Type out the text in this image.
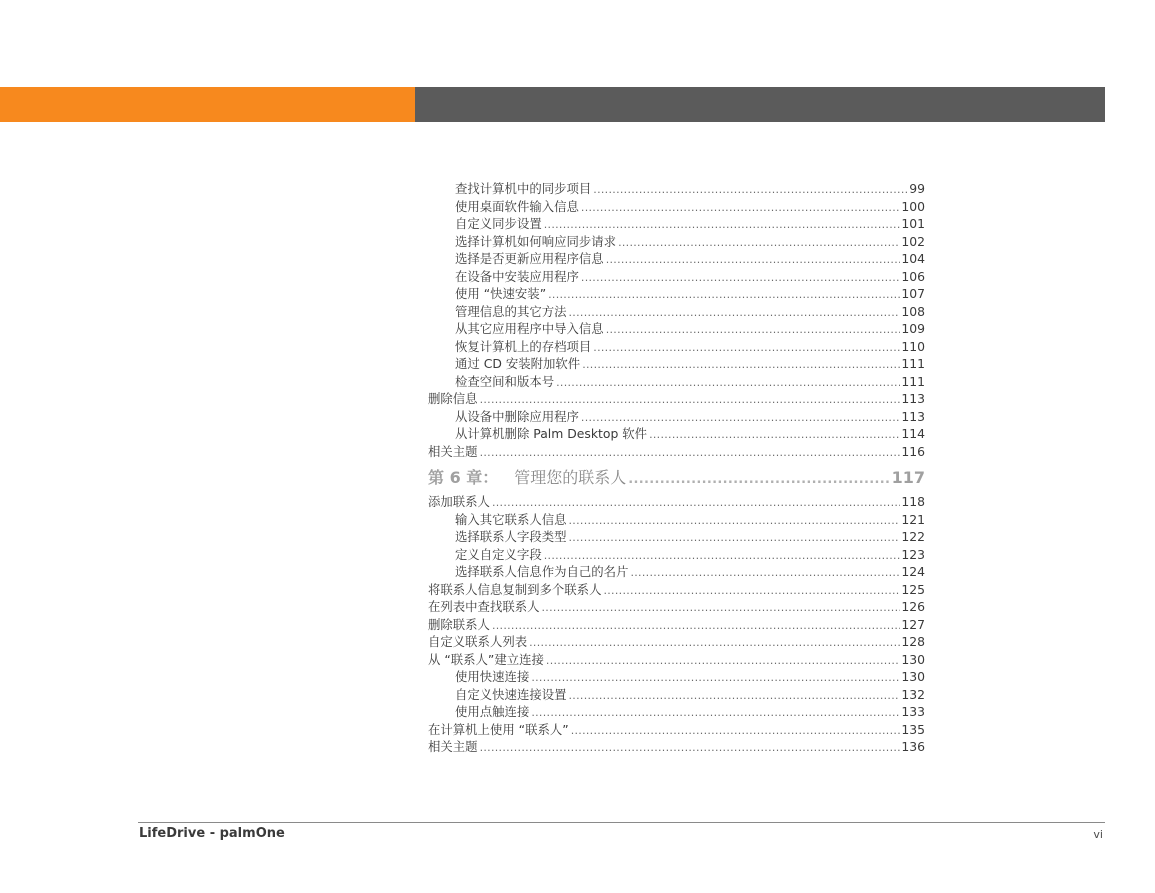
查找计算机中的同步项目 .....	99
使用桌面软件输入信息 .....	100
自定义同步设置 .....	101
选择计算机如何响应同步请求 .....	102
选择是否更新应用程序信息 .....	104
在设备中安装应用程序 .....	106
使用 “快速安装” .....	107
管理信息的其它方法 .....	108
从其它应用程序中导入信息 .....	109
恢复计算机上的存档项目 .....	110
通过 CD 安装附加软件 .....	111
检查空间和版本号 .....	111
删除信息 .....	113
从设备中删除应用程序 .....	113
从计算机删除 Palm Desktop 软件 .....	114
相关主题 .....	116
第 6 章： 管理您的联系人 .....	117
添加联系人 .....	118
输入其它联系人信息 .....	121
选择联系人字段类型 .....	122
定义自定义字段 .....	123
选择联系人信息作为自己的名片 .....	124
将联系人信息复制到多个联系人 .....	125
在列表中查找联系人 .....	126
删除联系人 .....	127
自定义联系人列表 .....	128
从 “联系人”建立连接 .....	130
使用快速连接 .....	130
自定义快速连接设置 .....	132
使用点触连接 .....	133
在计算机上使用 “联系人” .....	135
相关主题 .....	136
LifeDrive - palmOne	vi
